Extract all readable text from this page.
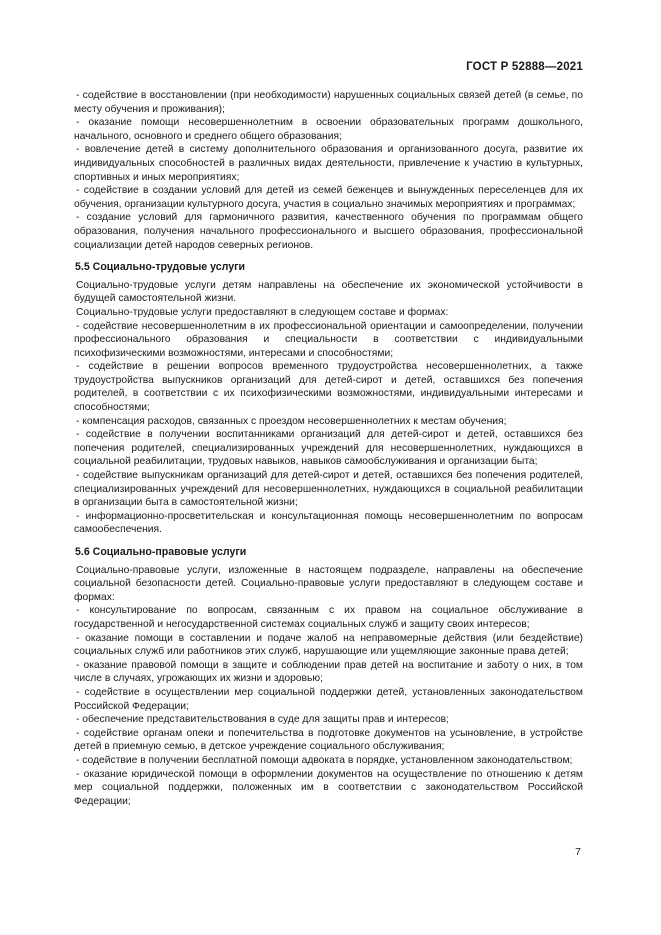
ГОСТ Р 52888—2021

- содействие в восстановлении (при необходимости) нарушенных социальных связей детей (в семье, по месту обучения и проживания);

- оказание помощи несовершеннолетним в освоении образовательных программ дошкольного, начального, основного и среднего общего образования;

- вовлечение детей в систему дополнительного образования и организованного досуга, развитие их индивидуальных способностей в различных видах деятельности, привлечение к участию в культурных, спортивных и иных мероприятиях;

- содействие в создании условий для детей из семей беженцев и вынужденных переселенцев для их обучения, организации культурного досуга, участия в социально значимых мероприятиях и программах;

- создание условий для гармоничного развития, качественного обучения по программам общего образования, получения начального профессионального и высшего образования, профессиональной социализации детей народов северных регионов.

5.5 Социально-трудовые услуги

Социально-трудовые услуги детям направлены на обеспечение их экономической устойчивости в будущей самостоятельной жизни.

Социально-трудовые услуги предоставляют в следующем составе и формах:

- содействие несовершеннолетним в их профессиональной ориентации и самоопределении, получении профессионального образования и специальности в соответствии с индивидуальными психофизическими возможностями, интересами и способностями;

- содействие в решении вопросов временного трудоустройства несовершеннолетних, а также трудоустройства выпускников организаций для детей-сирот и детей, оставшихся без попечения родителей, в соответствии с их психофизическими возможностями, индивидуальными интересами и способностями;

- компенсация расходов, связанных с проездом несовершеннолетних к местам обучения;

- содействие в получении воспитанниками организаций для детей-сирот и детей, оставшихся без попечения родителей, специализированных учреждений для несовершеннолетних, нуждающихся в социальной реабилитации, трудовых навыков, навыков самообслуживания и организации быта;

- содействие выпускникам организаций для детей-сирот и детей, оставшихся без попечения родителей, специализированных учреждений для несовершеннолетних, нуждающихся в социальной реабилитации в организации быта в самостоятельной жизни;

- информационно-просветительская и консультационная помощь несовершеннолетним по вопросам самообеспечения.

5.6 Социально-правовые услуги

Социально-правовые услуги, изложенные в настоящем подразделе, направлены на обеспечение социальной безопасности детей. Социально-правовые услуги предоставляют в следующем составе и формах:

- консультирование по вопросам, связанным с их правом на социальное обслуживание в государственной и негосударственной системах социальных служб и защиту своих интересов;

- оказание помощи в составлении и подаче жалоб на неправомерные действия (или бездействие) социальных служб или работников этих служб, нарушающие или ущемляющие законные права детей;

- оказание правовой помощи в защите и соблюдении прав детей на воспитание и заботу о них, в том числе в случаях, угрожающих их жизни и здоровью;

- содействие в осуществлении мер социальной поддержки детей, установленных законодательством Российской Федерации;

- обеспечение представительствования в суде для защиты прав и интересов;

- содействие органам опеки и попечительства в подготовке документов на усыновление, в устройстве детей в приемную семью, в детское учреждение социального обслуживания;

- содействие в получении бесплатной помощи адвоката в порядке, установленном законодательством;

- оказание юридической помощи в оформлении документов на осуществление по отношению к детям мер социальной поддержки, положенных им в соответствии с законодательством Российской Федерации;

7
